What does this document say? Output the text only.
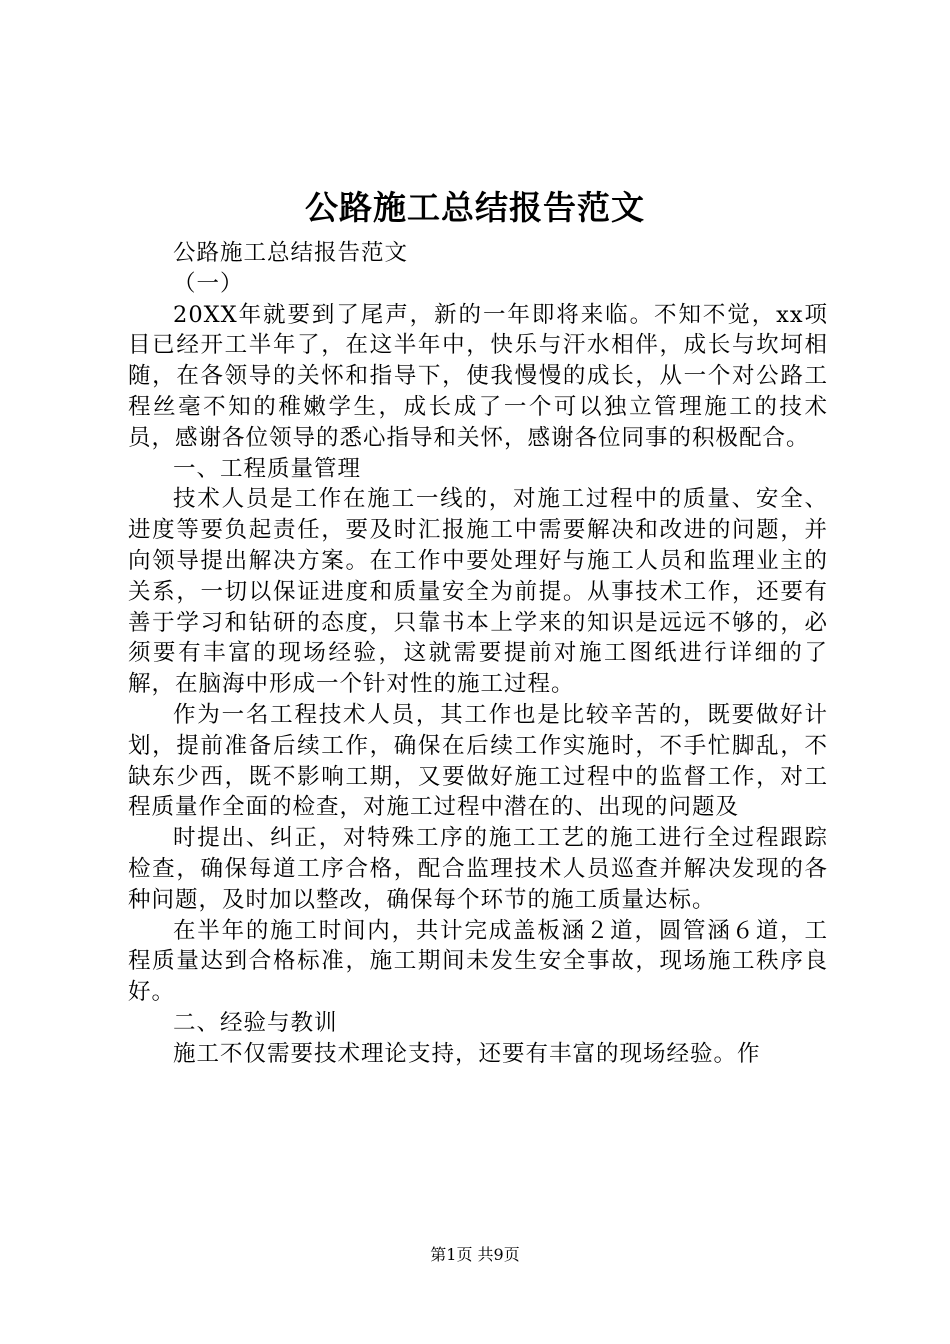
公路施工总结报告范文

公路施工总结报告范文

（一）

20XX年就要到了尾声，新的一年即将来临。不知不觉，xx项目已经开工半年了，在这半年中，快乐与汗水相伴，成长与坎坷相随，在各领导的关怀和指导下，使我慢慢的成长，从一个对公路工程丝毫不知的稚嫩学生，成长成了一个可以独立管理施工的技术员，感谢各位领导的悉心指导和关怀，感谢各位同事的积极配合。

一、工程质量管理

技术人员是工作在施工一线的，对施工过程中的质量、安全、进度等要负起责任，要及时汇报施工中需要解决和改进的问题，并向领导提出解决方案。在工作中要处理好与施工人员和监理业主的关系，一切以保证进度和质量安全为前提。从事技术工作，还要有善于学习和钻研的态度，只靠书本上学来的知识是远远不够的，必须要有丰富的现场经验，这就需要提前对施工图纸进行详细的了解，在脑海中形成一个针对性的施工过程。

作为一名工程技术人员，其工作也是比较辛苦的，既要做好计划，提前准备后续工作，确保在后续工作实施时，不手忙脚乱，不缺东少西，既不影响工期，又要做好施工过程中的监督工作，对工程质量作全面的检查，对施工过程中潜在的、出现的问题及

时提出、纠正，对特殊工序的施工工艺的施工进行全过程跟踪检查，确保每道工序合格，配合监理技术人员巡查并解决发现的各种问题，及时加以整改，确保每个环节的施工质量达标。

在半年的施工时间内，共计完成盖板涵２道，圆管涵６道，工程质量达到合格标准，施工期间未发生安全事故，现场施工秩序良好。

二、经验与教训

施工不仅需要技术理论支持，还要有丰富的现场经验。作

第1页 共9页
